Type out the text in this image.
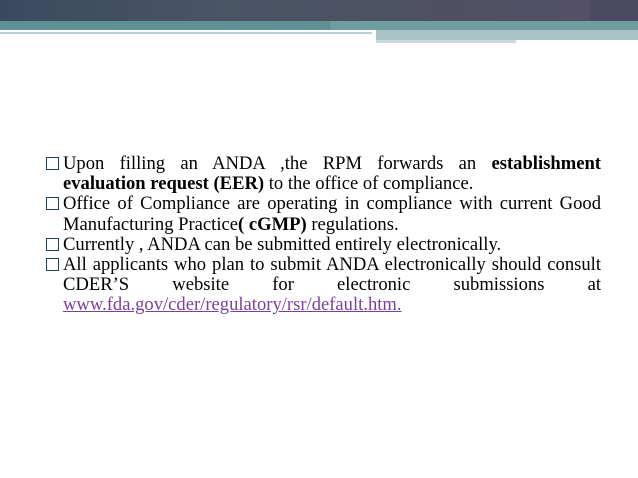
Upon filling an ANDA ,the RPM forwards an establishment evaluation request (EER) to the office of compliance.

Office of Compliance are operating in compliance with current Good Manufacturing Practice( cGMP) regulations.

Currently , ANDA can be submitted entirely electronically.

All applicants who plan to submit ANDA electronically should consult CDER’S website for electronic submissions at www.fda.gov/cder/regulatory/rsr/default.htm.
